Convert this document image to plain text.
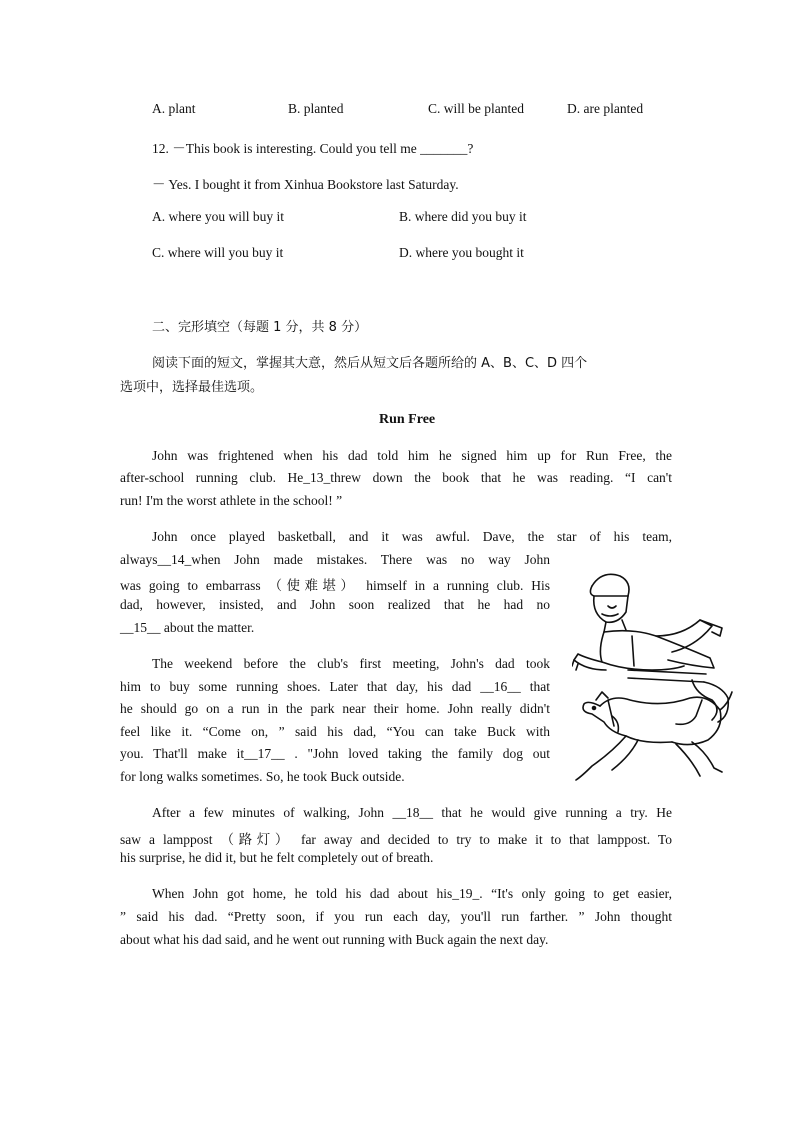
A. plant	B. planted	C. will be planted	D. are planted
12. －This book is interesting. Could you tell me _______?
－ Yes. I bought it from Xinhua Bookstore last Saturday.
A. where you will buy it	B. where did you buy it
C. where will you buy it	D. where you bought it
二、完形填空（每题 1 分，共 8 分）
阅读下面的短文，掌握其大意，然后从短文后各题所给的 A、B、C、D 四个
选项中，选择最佳选项。
Run Free
John was frightened when his dad told him he signed him up for Run Free, the
after-school running club. He_13_threw down the book that he was reading. “I can't
run! I'm the worst athlete in the school! ”
John once played basketball, and it was awful. Dave, the star of his team,
always__14_when John made mistakes. There was no way John
was going to embarrass （使难堪） himself in a running club. His
dad, however, insisted, and John soon realized that he had no
__15__ about the matter.
The weekend before the club's first meeting, John's dad took
him to buy some running shoes. Later that day, his dad __16__ that
he should go on a run in the park near their home. John really didn't
feel like it. “Come on, ” said his dad, “You can take Buck with
you. That'll make it__17__ . "John loved taking the family dog out
for long walks sometimes. So, he took Buck outside.
After a few minutes of walking, John __18__ that he would give running a try. He
saw a lamppost （路灯） far away and decided to try to make it to that lamppost. To
his surprise, he did it, but he felt completely out of breath.
When John got home, he told his dad about his_19_. “It's only going to get easier,
” said his dad. “Pretty soon, if you run each day, you'll run farther. ” John thought
about what his dad said, and he went out running with Buck again the next day.
